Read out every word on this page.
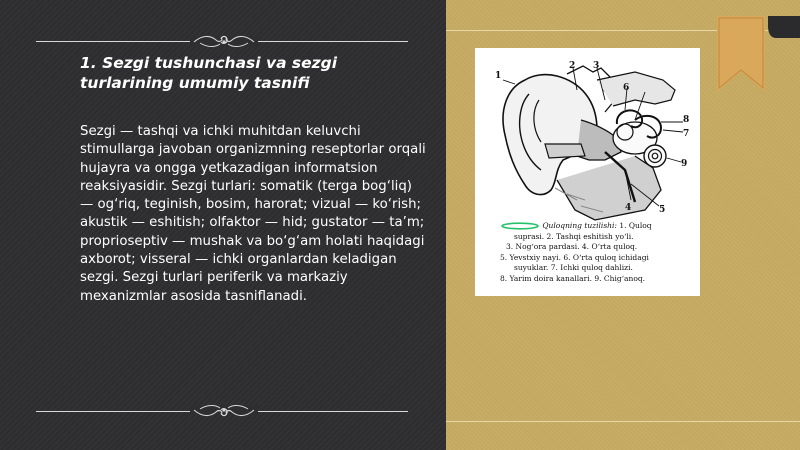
1. Sezgi tushunchasi va sezgi turlarining umumiy tasnifi
Sezgi — tashqi va ichki muhitdan keluvchi stimullarga javoban organizmning reseptorlar orqali hujayra va ongga yetkazadigan informatsion reaksiyasidir. Sezgi turlari: somatik (terga bog‘liq) — og‘riq, teginish, bosim, harorat; vizual — ko‘rish; akustik — eshitish; olfaktor — hid; gustator — ta’m; proprioseptiv — mushak va bo‘g‘am holati haqidagi axborot; visseral — ichki organlardan keladigan sezgi. Sezgi turlari periferik va markaziy mexanizmlar asosida tasniflanadi.
1
2 3
4	5
6
7
8
9
Quloqning tuzilishi: 1. Quloq
suprasi. 2. Tashqi eshitish yo‘li.
3. Nog‘ora pardasi. 4. O‘rta quloq.
5. Yevstxiy nayi. 6. O‘rta quloq ichidagi
suyuklar. 7. Ichki quloq dahlizi.
8. Yarim doira kanallari. 9. Chig‘anoq.
